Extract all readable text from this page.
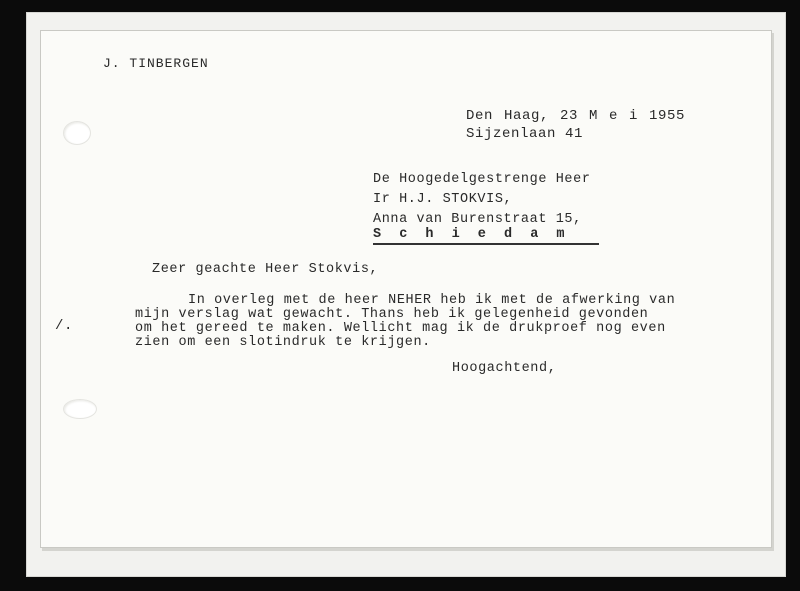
J. TINBERGEN
Den Haag, 23 M e i 1955
Sijzenlaan 41
De Hoogedelgestrenge Heer
Ir H.J. STOKVIS,
Anna van Burenstraat 15,
S c h i e d a m
Zeer geachte Heer Stokvis,
In overleg met de heer NEHER heb ik met de afwerking van
mijn verslag wat gewacht. Thans heb ik gelegenheid gevonden
om het gereed te maken. Wellicht mag ik de drukproef nog even
zien om een slotindruk te krijgen.
Hoogachtend,
/.
